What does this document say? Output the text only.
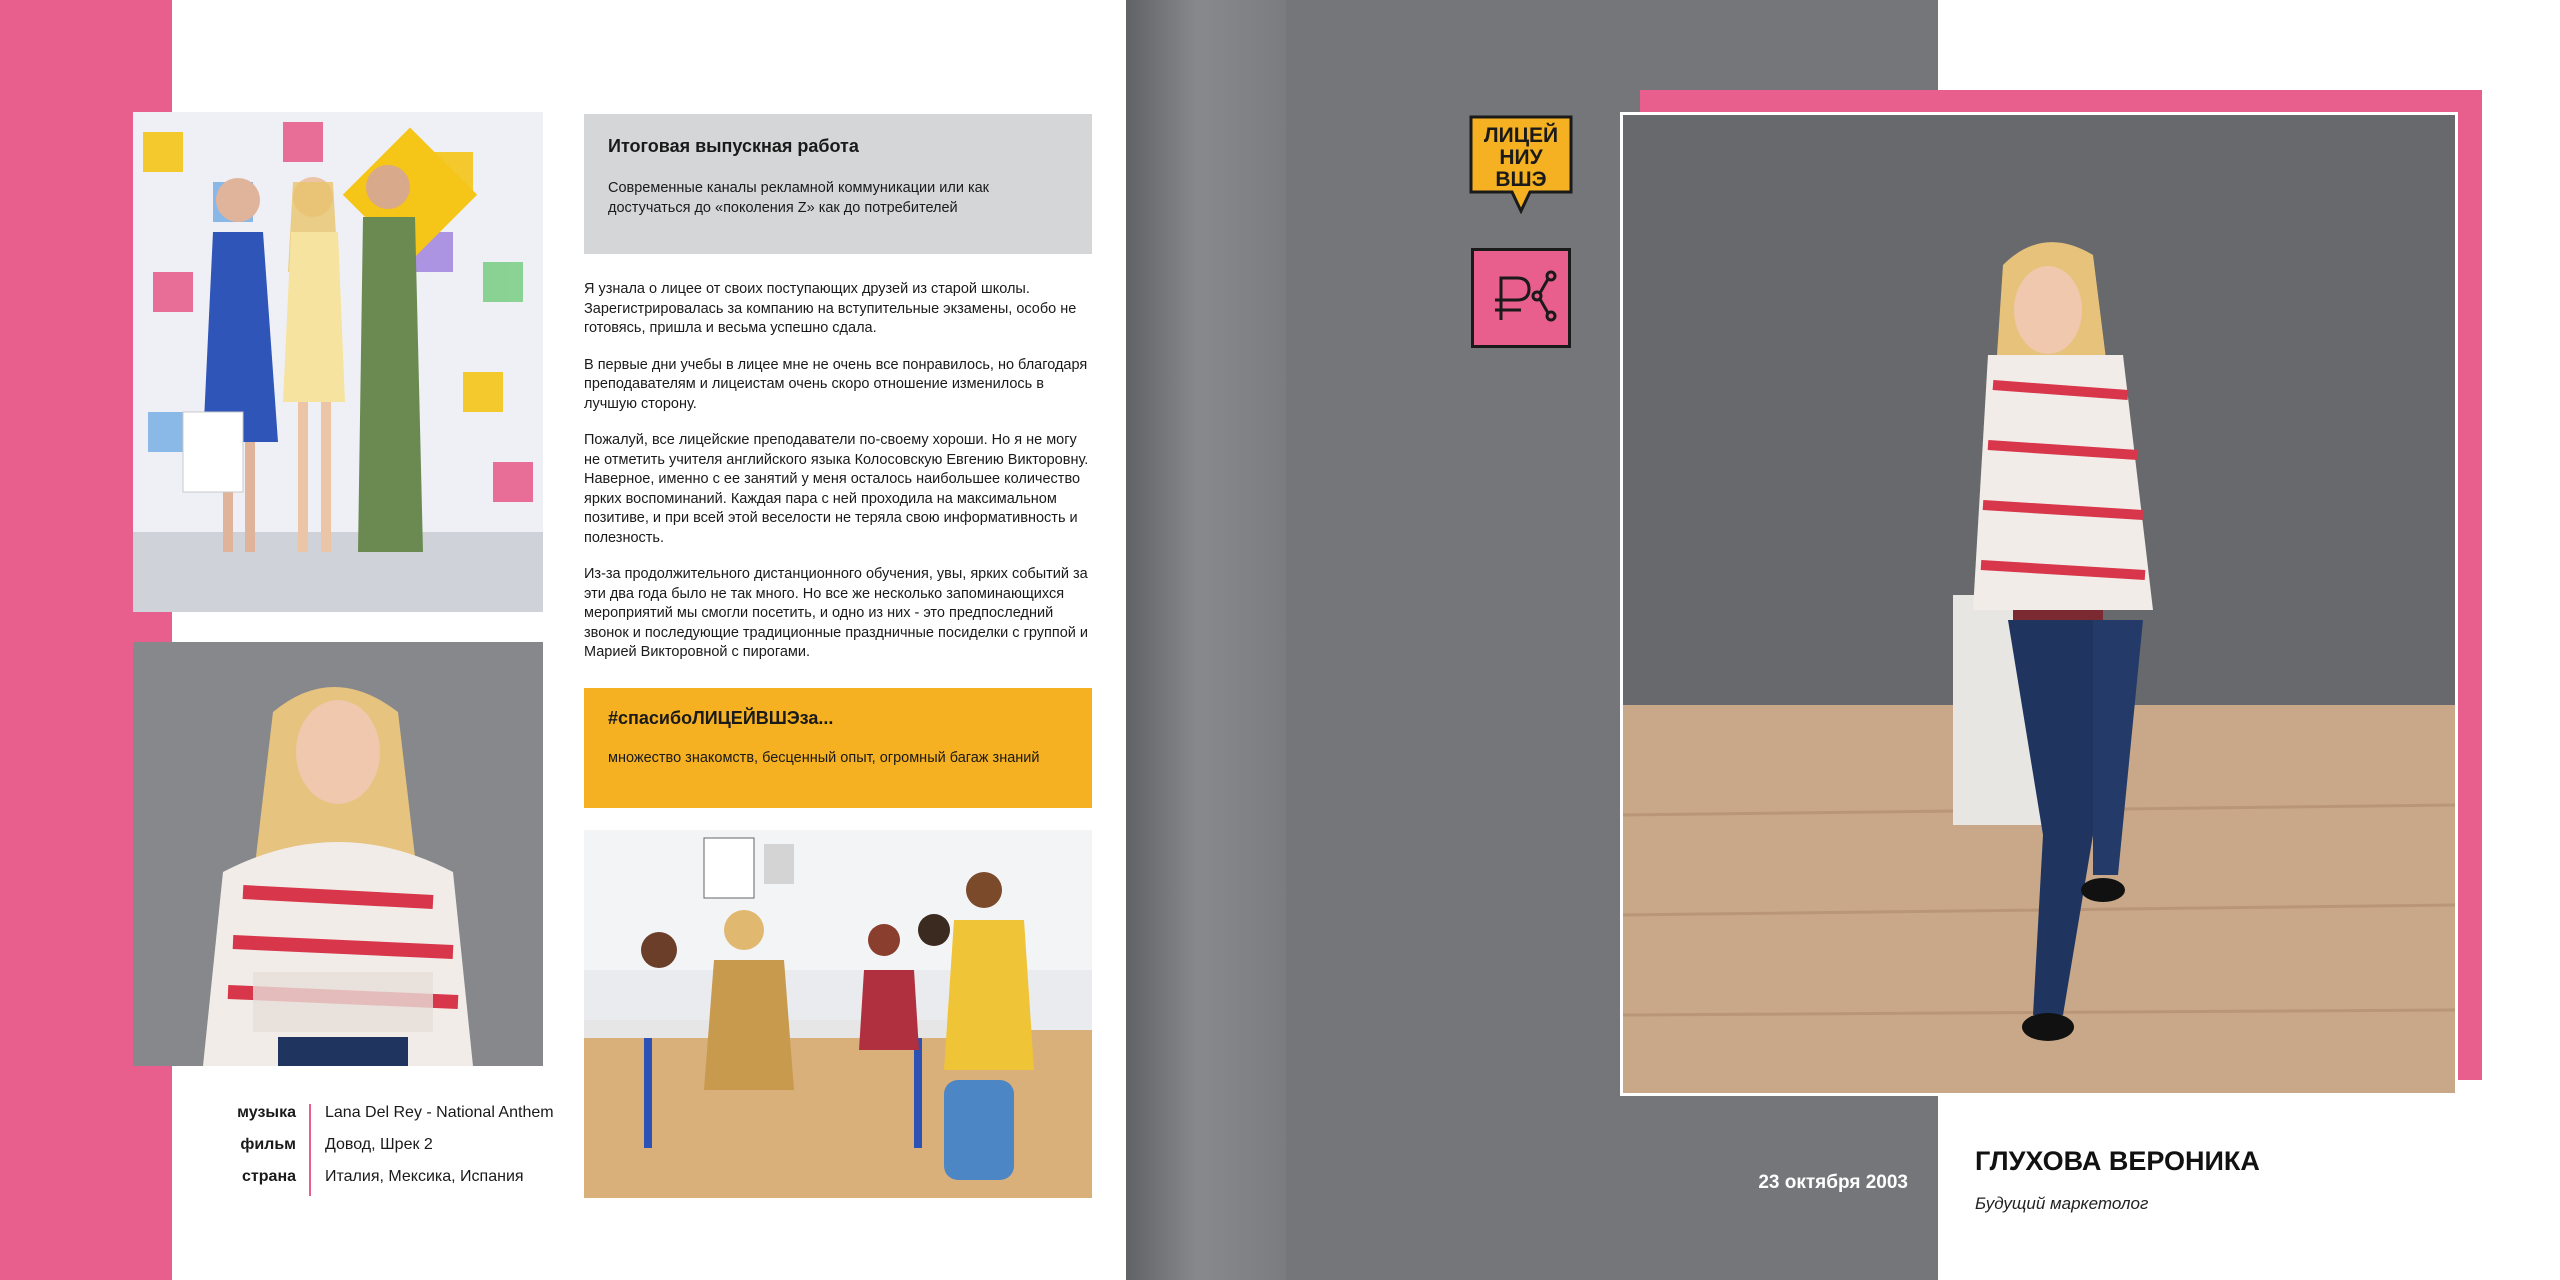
музыка Lana Del Rey - National Anthem
фильм Довод, Шрек 2
страна Италия, Мексика, Испания
Итоговая выпускная работа
Современные каналы рекламной коммуникации или как достучаться до «поколения Z» как до потребителей

Я узнала о лицее от своих поступающих друзей из старой школы. Зарегистрировалась за компанию на вступительные экзамены, особо не готовясь, пришла и весьма успешно сдала.

В первые дни учебы в лицее мне не очень все понравилось, но благодаря преподавателям и лицеистам очень скоро отношение изменилось в лучшую сторону.

Пожалуй, все лицейские преподаватели по-своему хороши. Но я не могу не отметить учителя английского языка Колосовскую Евгению Викторовну. Наверное, именно с ее занятий у меня осталось наибольшее количество ярких воспоминаний. Каждая пара с ней проходила на максимальном позитиве, и при всей этой веселости не теряла свою информативность и полезность.

Из-за продолжительного дистанционного обучения, увы, ярких событий за эти два года было не так много. Но все же несколько запоминающихся мероприятий мы смогли посетить, и одно из них - это предпоследний звонок и последующие традиционные праздничные посиделки с группой и Марией Викторовной с пирогами.

#спасибоЛИЦЕЙВШЭза...
множество знакомств, бесценный опыт, огромный багаж знаний
ЛИЦЕЙ
НИУ
ВШЭ
23 октября 2003
ГЛУХОВА ВЕРОНИКА
Будущий маркетолог
